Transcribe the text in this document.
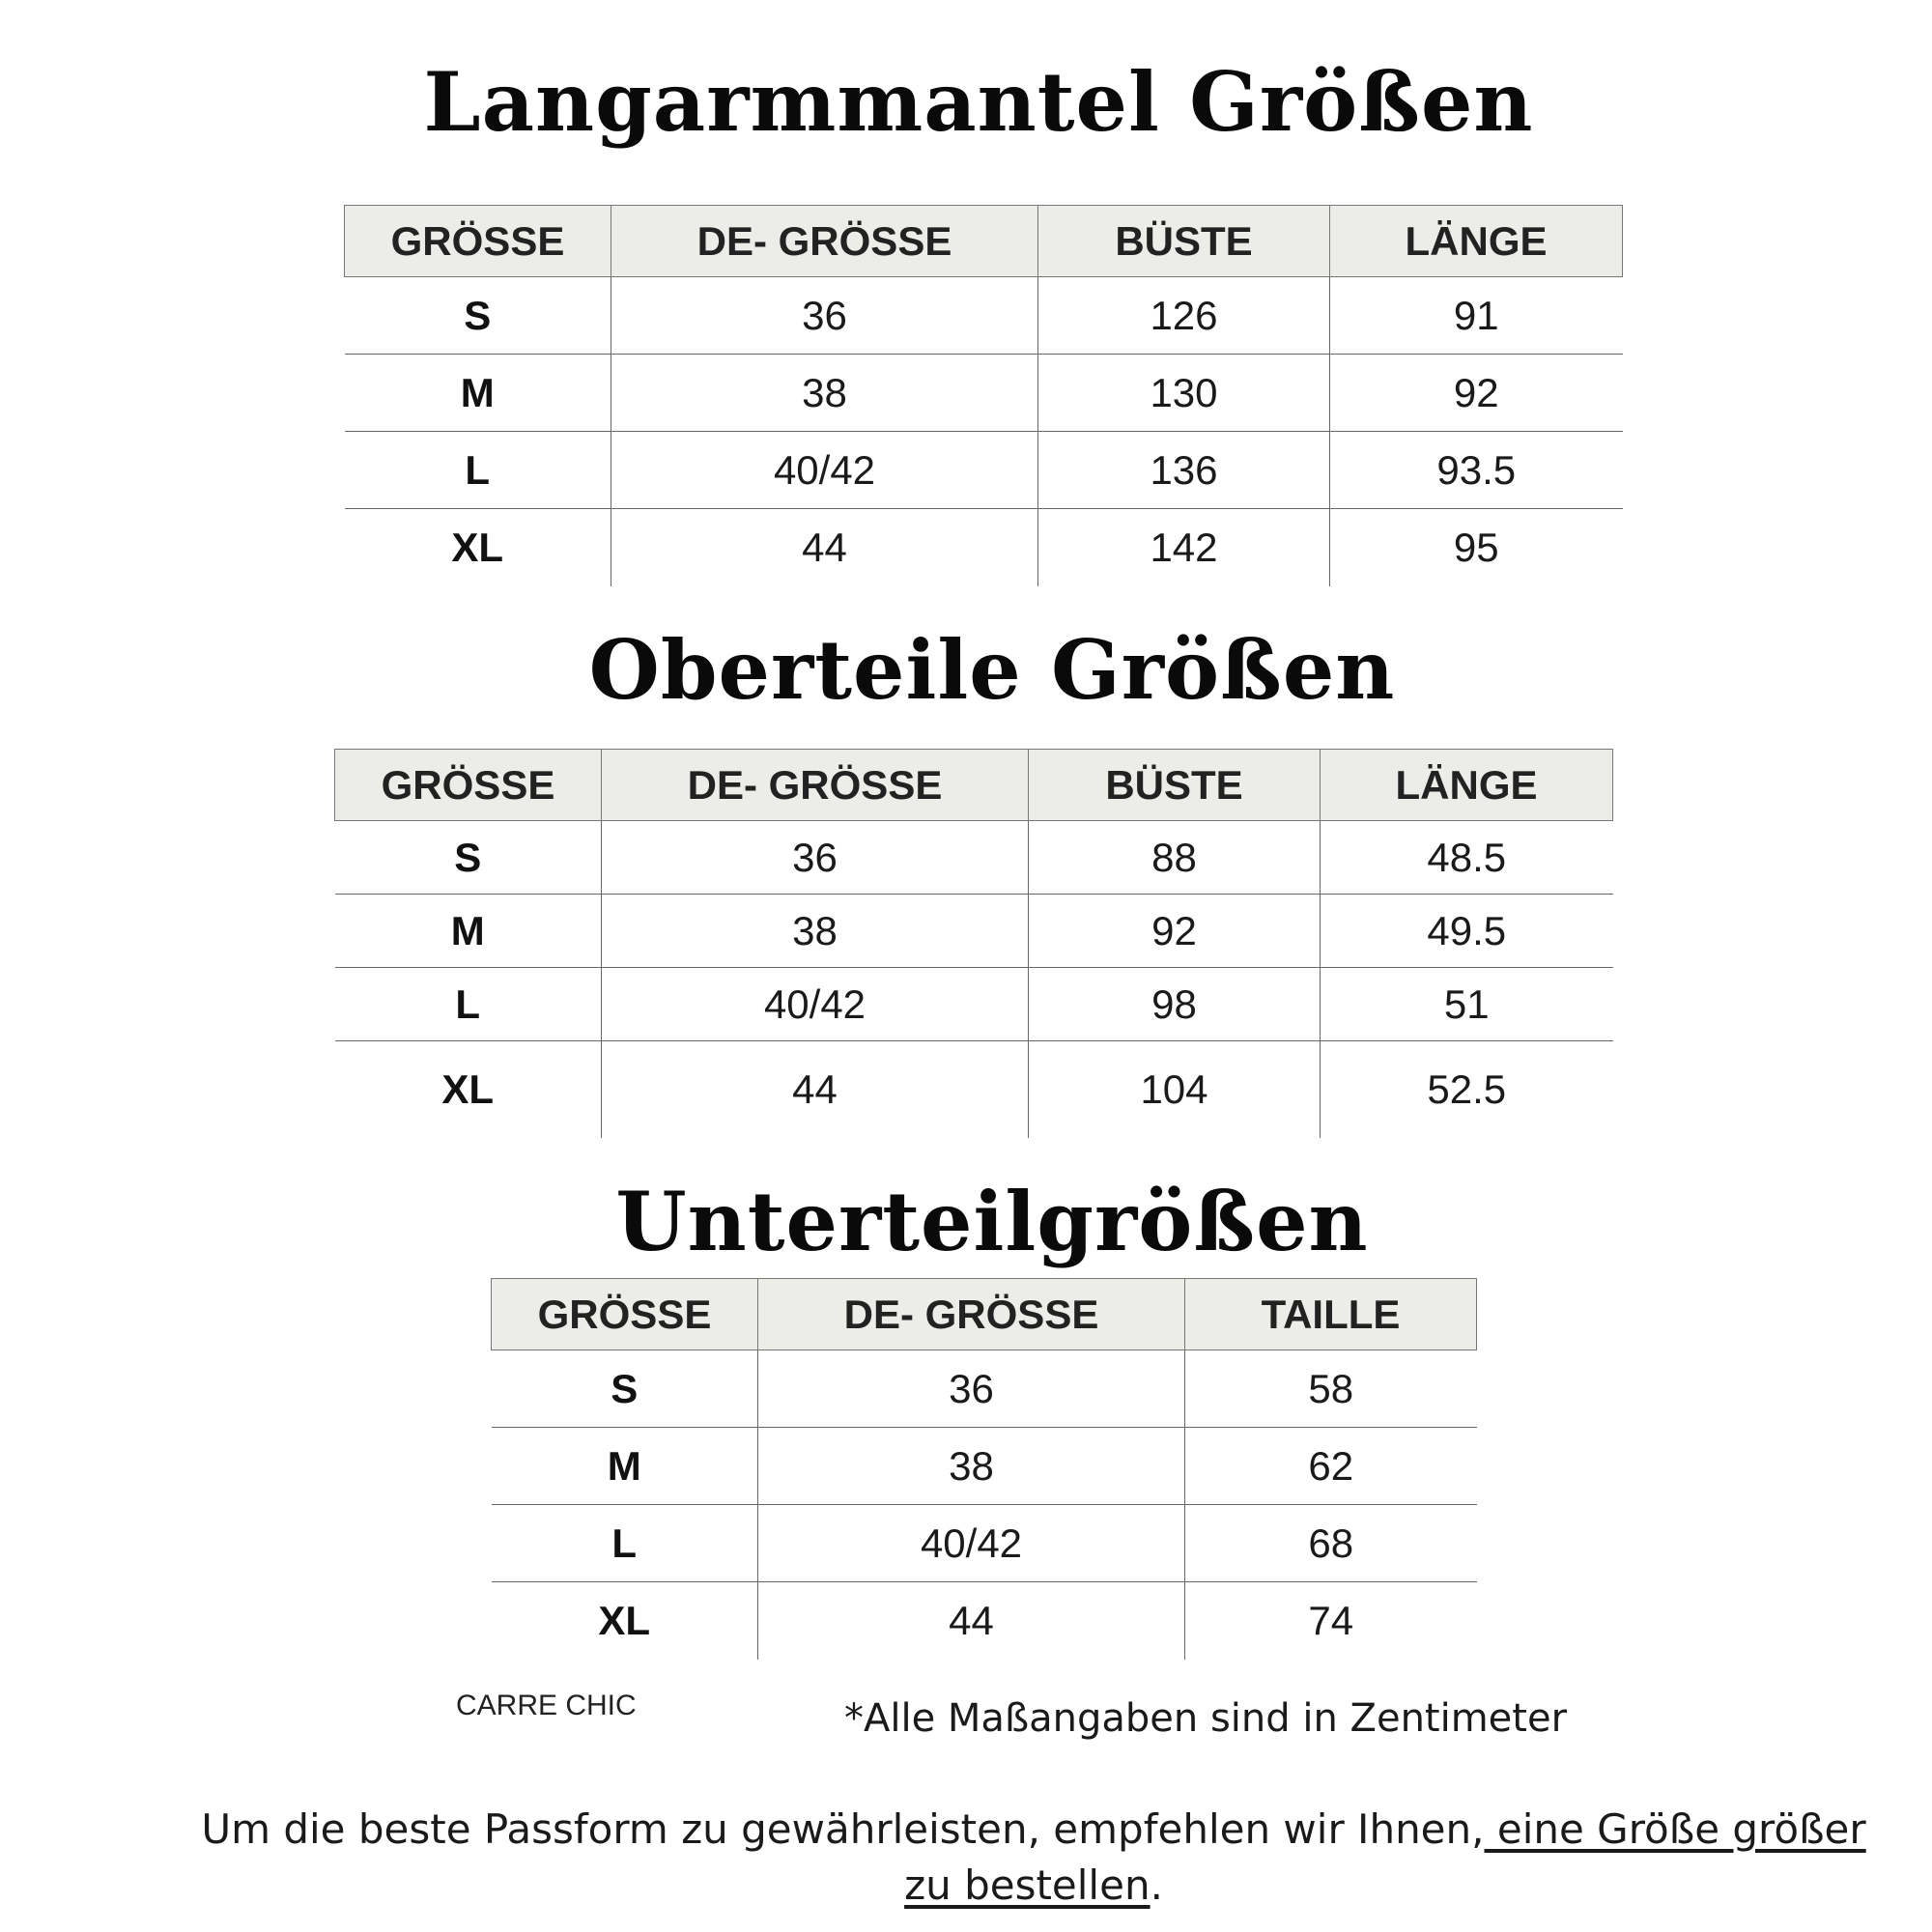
Langarmmantel Größen
GRÖSSE	DE- GRÖSSE	BÜSTE	LÄNGE
S	36	126	91
M	38	130	92
L	40/42	136	93.5
XL	44	142	95
Oberteile Größen
GRÖSSE	DE- GRÖSSE	BÜSTE	LÄNGE
S	36	88	48.5
M	38	92	49.5
L	40/42	98	51
XL	44	104	52.5
Unterteilgrößen
GRÖSSE	DE- GRÖSSE	TAILLE
S	36	58
M	38	62
L	40/42	68
XL	44	74

CARRE CHIC	*Alle Maßangaben sind in Zentimeter

Um die beste Passform zu gewährleisten, empfehlen wir Ihnen, eine Größe größer zu bestellen.
